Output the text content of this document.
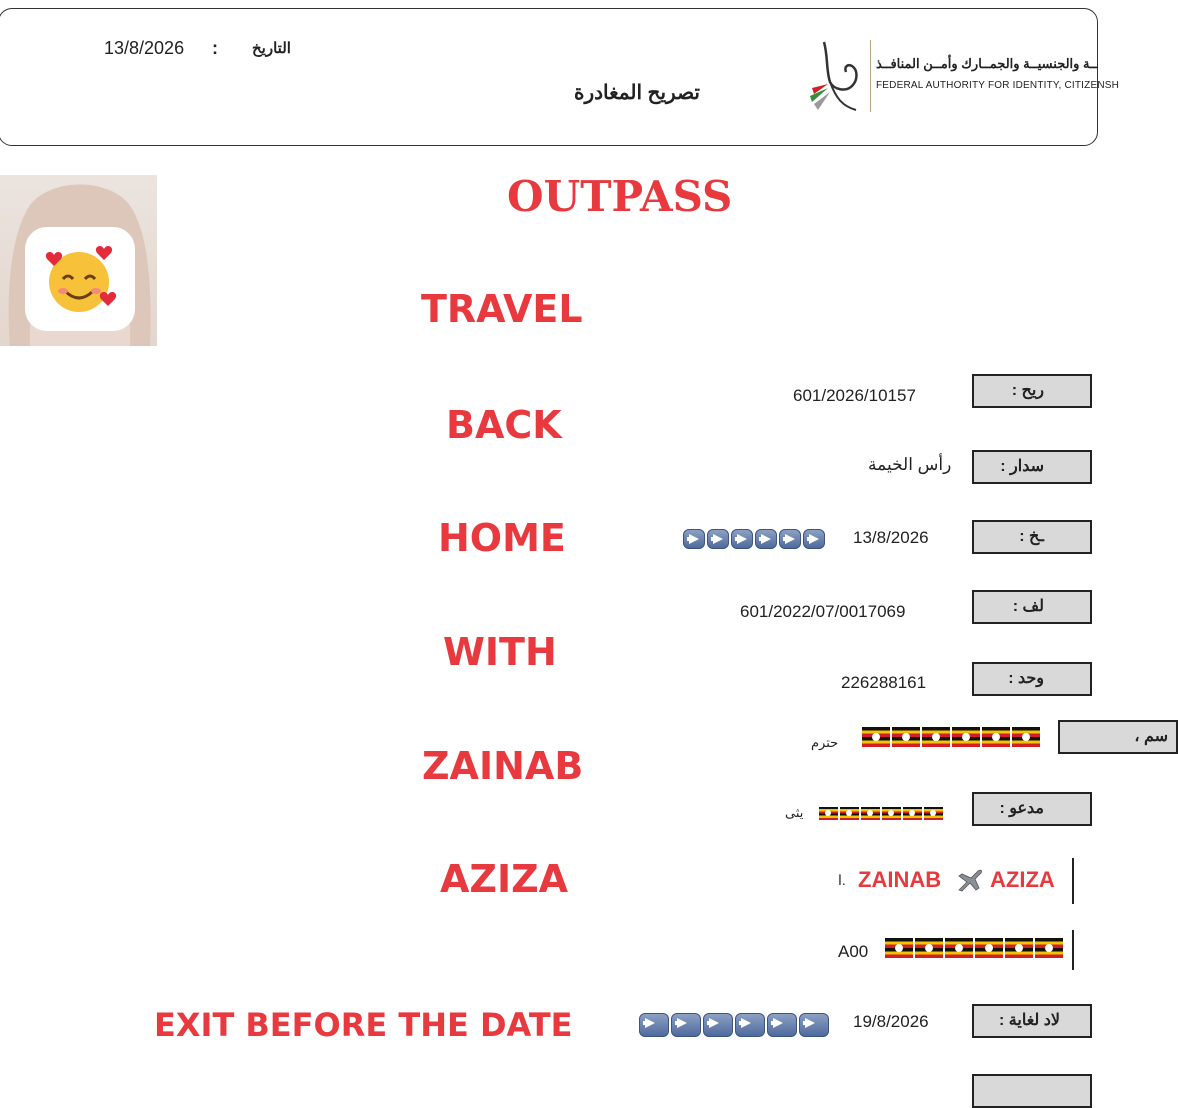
13/8/2026 : التاريخ
تصريح المغادرة
ــة والجنسيــة والجمــارك وأمــن المنافــذ
FEDERAL AUTHORITY FOR IDENTITY, CITIZENSH
OUTPASS
TRAVEL
BACK
HOME
WITH
ZAINAB
AZIZA
EXIT BEFORE THE DATE
ريح :
601/2026/10157
سدار :
رأس الخيمة
ـخ :
13/8/2026
لف :
601/2022/07/0017069
وحد :
226288161
سم ،
حترم
مدعو :
يثى
ا. ZAINAB AZIZA
A00
لاد لغاية :
19/8/2026
